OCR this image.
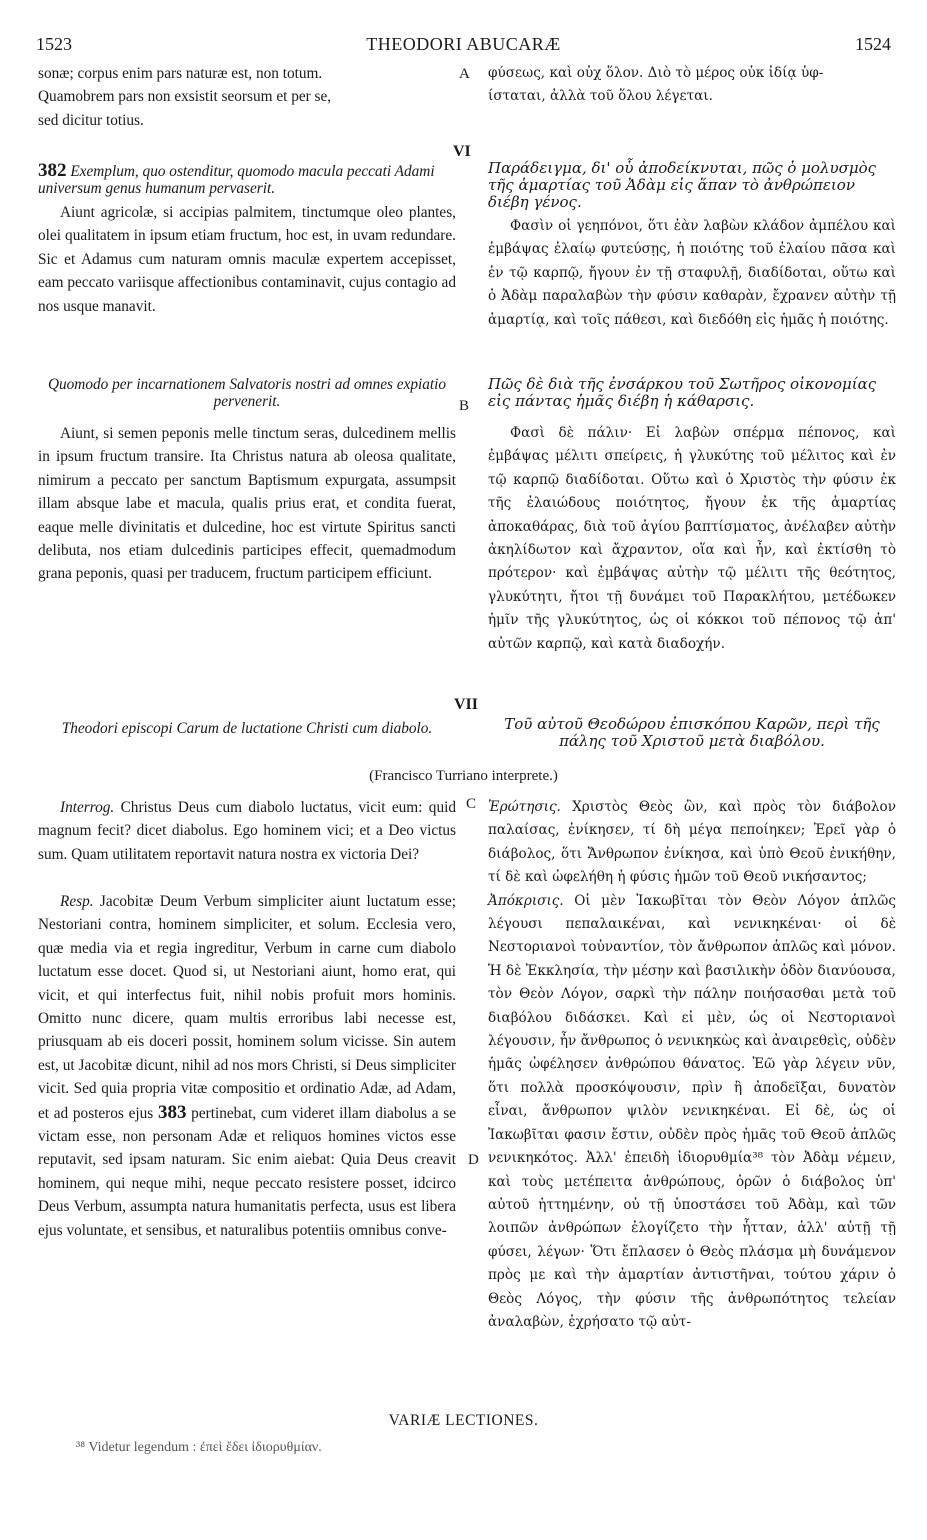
THEODORI ABUCARÆ
1523	1524

sonæ; corpus enim pars naturæ est, non totum.

Quamobrem pars non exsistit seorsum et per se,

sed dicitur totius.

φύσεως, καὶ οὐχ ὅλον. Διὸ τὸ μέρος οὐκ ἰδίᾳ ὑφ-

ίσταται, ἀλλὰ τοῦ ὅλου λέγεται.

A
VI

382 Exemplum, quo ostenditur, quomodo macula peccati Adami universum genus humanum pervaserit.

Aiunt agricolæ, si accipias palmitem, tinctumque oleo plantes, olei qualitatem in ipsum etiam fructum, hoc est, in uvam redundare. Sic et Adamus cum naturam omnis maculæ expertem accepisset, eam peccato variisque affectionibus contaminavit, cujus contagio ad nos usque manavit.

Παράδειγμα, δι' οὗ ἀποδείκνυται, πῶς ὁ μολυσμὸς τῆς ἁμαρτίας τοῦ Ἀδὰμ εἰς ἅπαν τὸ ἀνθρώπειον διέβη γένος.

Φασὶν οἱ γεηπόνοι, ὅτι ἐὰν λαβὼν κλάδον ἀμπέλου καὶ ἐμβάψας ἐλαίῳ φυτεύσῃς, ἡ ποιότης τοῦ ἐλαίου πᾶσα καὶ ἐν τῷ καρπῷ, ἤγουν ἐν τῇ σταφυλῇ, διαδίδοται, οὕτω καὶ ὁ Ἀδὰμ παραλαβὼν τὴν φύσιν καθαρὰν, ἔχρανεν αὐτὴν τῇ ἁμαρτίᾳ, καὶ τοῖς πάθεσι, καὶ διεδόθη εἰς ἡμᾶς ἡ ποιότης.

Quomodo per incarnationem Salvatoris nostri ad omnes expiatio pervenerit.

Aiunt, si semen peponis melle tinctum seras, dulcedinem mellis in ipsum fructum transire. Ita Christus natura ab oleosa qualitate, nimirum a peccato per sanctum Baptismum expurgata, assumpsit illam absque labe et macula, qualis prius erat, et condita fuerat, eaque melle divinitatis et dulcedine, hoc est virtute Spiritus sancti delibuta, nos etiam dulcedinis participes effecit, quemadmodum grana peponis, quasi per traducem, fructum participem efficiunt.

B

Πῶς δὲ διὰ τῆς ἐνσάρκου τοῦ Σωτῆρος οἰκονομίας εἰς πάντας ἡμᾶς διέβη ἡ κάθαρσις.

Φασὶ δὲ πάλιν· Εἰ λαβὼν σπέρμα πέπονος, καὶ ἐμβάψας μέλιτι σπείρεις, ἡ γλυκύτης τοῦ μέλιτος καὶ ἐν τῷ καρπῷ διαδίδοται. Οὕτω καὶ ὁ Χριστὸς τὴν φύσιν ἐκ τῆς ἐλαιώδους ποιότητος, ἤγουν ἐκ τῆς ἁμαρτίας ἀποκαθάρας, διὰ τοῦ ἁγίου βαπτίσματος, ἀνέλαβεν αὐτὴν ἀκηλίδωτον καὶ ἄχραντον, οἵα καὶ ἦν, καὶ ἐκτίσθη τὸ πρότερον· καὶ ἐμβάψας αὐτὴν τῷ μέλιτι τῆς θεότητος, γλυκύτητι, ἤτοι τῇ δυνάμει τοῦ Παρακλήτου, μετέδωκεν ἡμῖν τῆς γλυκύτητος, ὡς οἱ κόκκοι τοῦ πέπονος τῷ ἀπ' αὐτῶν καρπῷ, καὶ κατὰ διαδοχήν.

VII

Theodori episcopi Carum de luctatione Christi cum diabolo.	Τοῦ αὐτοῦ Θεοδώρου ἐπισκόπου Καρῶν, περὶ τῆς πάλης τοῦ Χριστοῦ μετὰ διαβόλου.

(Francisco Turriano interprete.)

Interrog. Christus Deus cum diabolo luctatus, vicit eum: quid magnum fecit? dicet diabolus. Ego hominem vici; et a Deo victus sum. Quam utilitatem reportavit natura nostra ex victoria Dei?

C Ἐρώτησις. Χριστὸς Θεὸς ὢν, καὶ πρὸς τὸν διάβολον παλαίσας, ἐνίκησεν, τί δὴ μέγα πεποίηκεν; Ἐρεῖ γὰρ ὁ διάβολος, ὅτι Ἄνθρωπον ἐνίκησα, καὶ ὑπὸ Θεοῦ ἐνικήθην, τί δὲ καὶ ὠφελήθη ἡ φύσις ἡμῶν τοῦ Θεοῦ νικήσαντος;

Ἀπόκρισις. Οἱ μὲν Ἰακωβῖται τὸν Θεὸν Λόγον ἁπλῶς λέγουσι πεπαλαικέναι, καὶ νενικηκέναι· οἱ δὲ Νεστοριανοὶ τοὐναντίον, τὸν ἄνθρωπον ἁπλῶς καὶ μόνον. Ἡ δὲ Ἐκκλησία, τὴν μέσην καὶ βασιλικὴν ὁδὸν διανύουσα, τὸν Θεὸν Λόγον, σαρκὶ τὴν πάλην ποιήσασθαι μετὰ τοῦ διαβόλου διδάσκει. Καὶ εἰ μὲν, ὡς οἱ Νεστοριανοὶ λέγουσιν, ἦν ἄνθρωπος ὁ νενικηκὼς καὶ ἀναιρεθεὶς, οὐδὲν ἡμᾶς ὠφέλησεν ἀνθρώπου θάνατος. Ἐῶ γὰρ λέγειν νῦν, ὅτι πολλὰ προσκόψουσιν, πρὶν ἢ ἀποδεῖξαι, δυνατὸν εἶναι, ἄνθρωπον ψιλὸν νενικηκέναι. Εἰ δὲ, ὡς οἱ Ἰακωβῖται φασιν ἔστιν, οὐδὲν πρὸς ἡμᾶς τοῦ Θεοῦ ἁπλῶς νενικηκότος. Ἀλλ' ἐπειδὴ ἰδιορυθμία³⁸ τὸν Ἀδὰμ νέμειν, καὶ τοὺς μετέπειτα ἀνθρώπους, ὁρῶν ὁ διάβολος ὑπ' αὐτοῦ ἡττημένην, οὐ τῇ ὑποστάσει τοῦ Ἀδὰμ, καὶ τῶν λοιπῶν ἀνθρώπων ἐλογίζετο τὴν ἧτταν, ἀλλ' αὐτῇ τῇ φύσει, λέγων· Ὅτι ἔπλασεν ὁ Θεὸς πλάσμα μὴ δυνάμενον πρὸς με καὶ τὴν ἁμαρτίαν ἀντιστῆναι, τούτου χάριν ὁ Θεὸς Λόγος, τὴν φύσιν τῆς ἀνθρωπότητος τελείαν ἀναλαβὼν, ἐχρήσατο τῷ αὐτ-

Resp. Jacobitæ Deum Verbum simpliciter aiunt luctatum esse; Nestoriani contra, hominem simpliciter, et solum. Ecclesia vero, quæ media via et regia ingreditur, Verbum in carne cum diabolo luctatum esse docet. Quod si, ut Nestoriani aiunt, homo erat, qui vicit, et qui interfectus fuit, nihil nobis profuit mors hominis. Omitto nunc dicere, quam multis erroribus labi necesse est, priusquam ab eis doceri possit, hominem solum vicisse. Sin autem est, ut Jacobitæ dicunt, nihil ad nos mors Christi, si Deus simpliciter vicit. Sed quia propria vitæ compositio et ordinatio Adæ, ad Adam, et ad posteros ejus 383 pertinebat, cum videret illam diabolus a se victam esse, non personam Adæ et reliquos homines victos esse reputavit, sed ipsam naturam. Sic enim aiebat: Quia Deus creavit hominem, qui neque mihi, neque peccato resistere posset, idcirco Deus Verbum, assumpta natura humanitatis perfecta, usus est libera ejus voluntate, et sensibus, et naturalibus potentiis omnibus conve-

D
VARIÆ LECTIONES.
³⁸ Videtur legendum : ἐπεὶ ἔδει ἰδιορυθμίαν.
